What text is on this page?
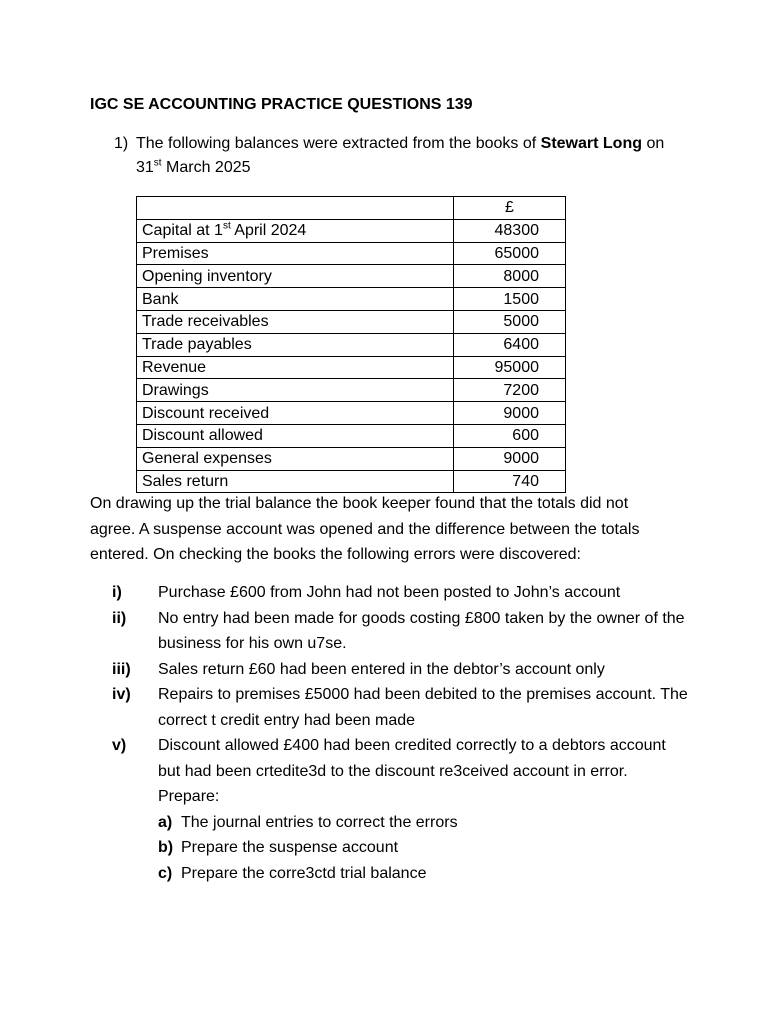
IGC SE ACCOUNTING PRACTICE QUESTIONS 139
1) The following balances were extracted from the books of Stewart Long on
31st March 2025
	£
Capital at 1st April 2024	48300
Premises	65000
Opening inventory	8000
Bank	1500
Trade receivables	5000
Trade payables	6400
Revenue	95000
Drawings	7200
Discount received	9000
Discount allowed	600
General expenses	9000
Sales return	740
On drawing up the trial balance the book keeper found that the totals did not agree. A suspense account was opened and the difference between the totals entered. On checking the books the following errors were discovered:
i) Purchase £600 from John had not been posted to John’s account
ii) No entry had been made for goods costing £800 taken by the owner of the business for his own u7se.
iii) Sales return £60 had been entered in the debtor’s account only
iv) Repairs to premises £5000 had been debited to the premises account. The correct t credit entry had been made
v) Discount allowed £400 had been credited correctly to a debtors account but had been crtedite3d to the discount re3ceived account in error.
Prepare:
a) The journal entries to correct the errors
b) Prepare the suspense account
c) Prepare the corre3ctd trial balance
